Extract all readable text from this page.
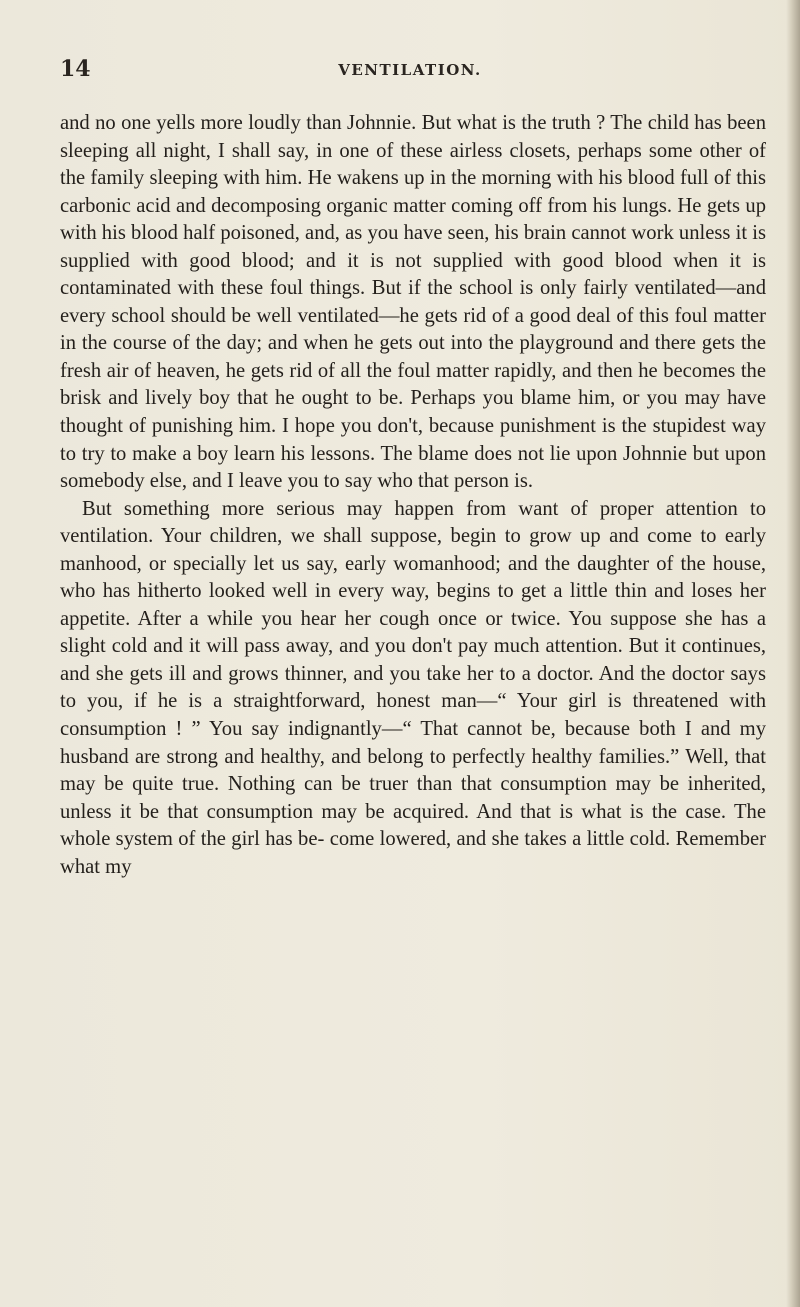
14	VENTILATION.

and no one yells more loudly than Johnnie. But what is the truth ? The child has been sleeping all night, I shall say, in one of these airless closets, perhaps some other of the family sleeping with him. He wakens up in the morning with his blood full of this carbonic acid and decomposing organic matter coming off from his lungs. He gets up with his blood half poisoned, and, as you have seen, his brain cannot work unless it is supplied with good blood; and it is not supplied with good blood when it is contaminated with these foul things. But if the school is only fairly ventilated—and every school should be well ventilated—he gets rid of a good deal of this foul matter in the course of the day; and when he gets out into the playground and there gets the fresh air of heaven, he gets rid of all the foul matter rapidly, and then he becomes the brisk and lively boy that he ought to be. Perhaps you blame him, or you may have thought of punishing him. I hope you don't, because punishment is the stupidest way to try to make a boy learn his lessons. The blame does not lie upon Johnnie but upon somebody else, and I leave you to say who that person is.

But something more serious may happen from want of proper attention to ventilation. Your children, we shall suppose, begin to grow up and come to early manhood, or specially let us say, early womanhood; and the daughter of the house, who has hitherto looked well in every way, begins to get a little thin and loses her appetite. After a while you hear her cough once or twice. You suppose she has a slight cold and it will pass away, and you don't pay much attention. But it continues, and she gets ill and grows thinner, and you take her to a doctor. And the doctor says to you, if he is a straightforward, honest man—“ Your girl is threatened with consumption ! ” You say indignantly—“ That cannot be, because both I and my husband are strong and healthy, and belong to perfectly healthy families.” Well, that may be quite true. Nothing can be truer than that consumption may be inherited, unless it be that consumption may be acquired. And that is what is the case. The whole system of the girl has be- come lowered, and she takes a little cold. Remember what my
